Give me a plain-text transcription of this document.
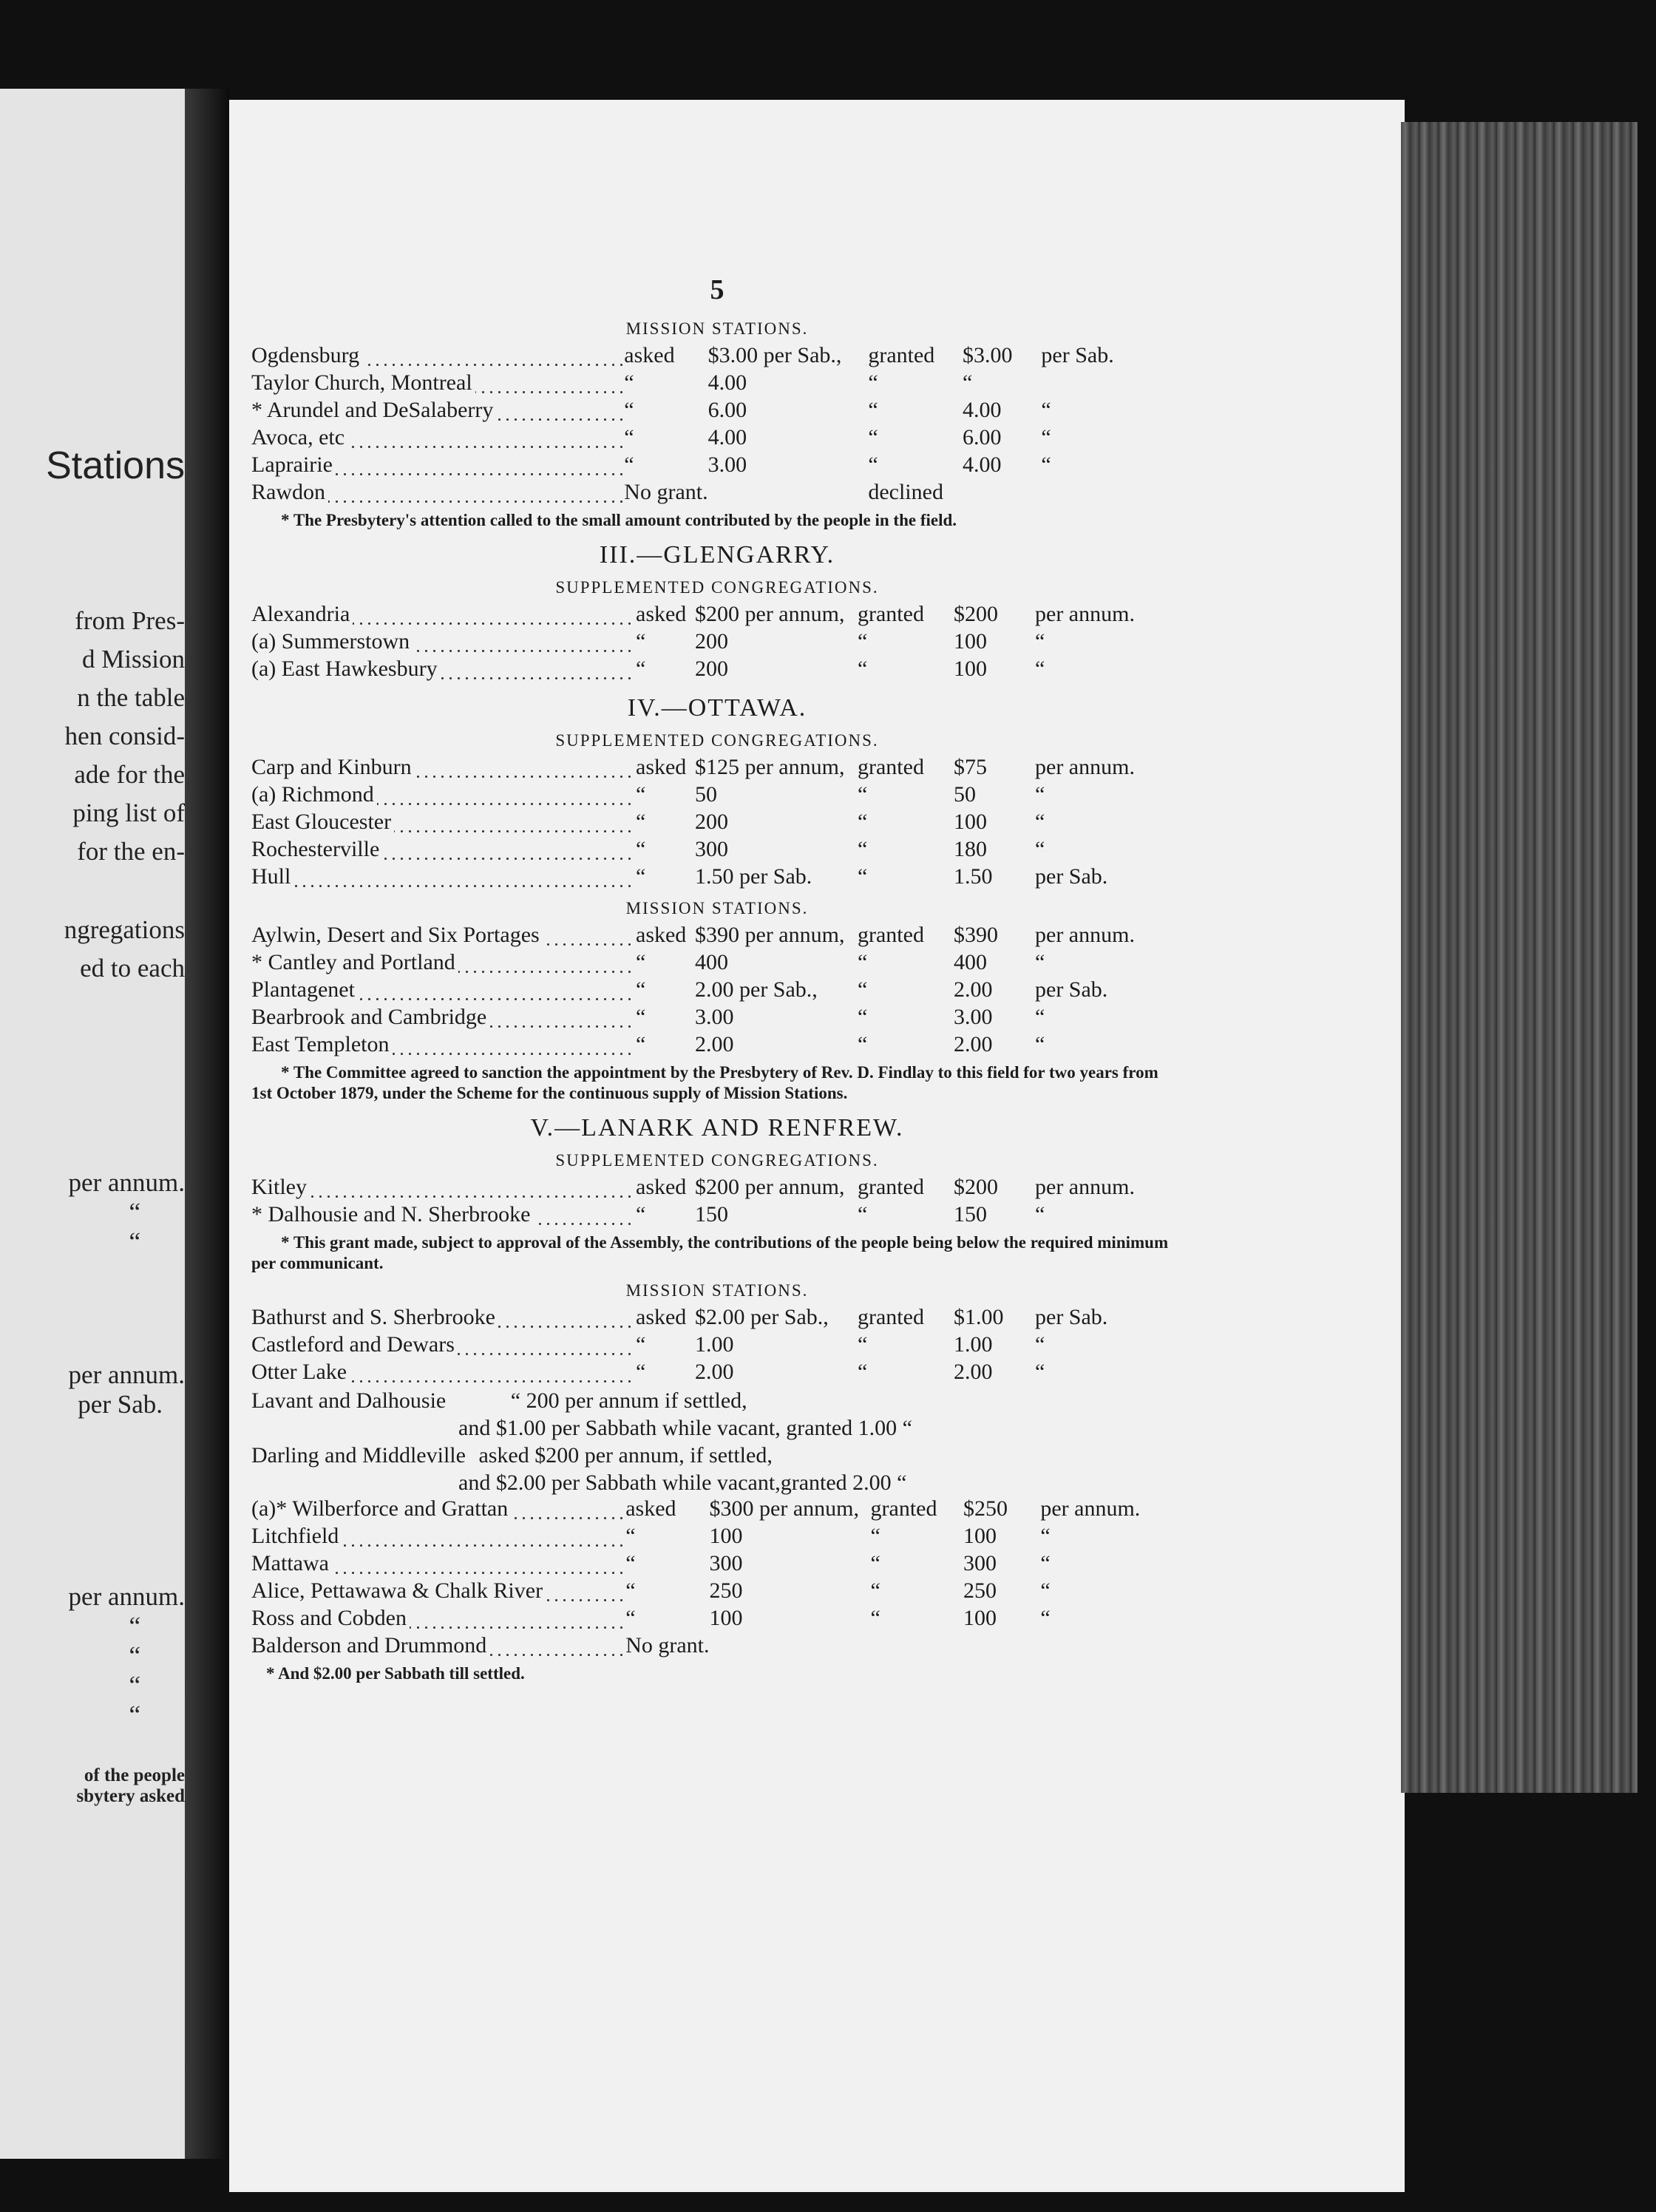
Stations
from Pres-
d Mission
n the table
hen consid-
ade for the
ping list of
for the en-
ngregations
ed to each
per annum.
“
“
per annum.
per Sab.
per annum.
“
“
“
“
of the people
sbytery asked
5
MISSION STATIONS.
Ogdensburg	asked	$3.00 per Sab.,	granted	$3.00	per Sab.
Taylor Church, Montreal	“	4.00	“	“	
* Arundel and DeSalaberry	“	6.00	“	4.00	“
Avoca, etc	“	4.00	“	6.00	“
Laprairie	“	3.00	“	4.00	“
Rawdon	No grant.		declined		
* The Presbytery's attention called to the small amount contributed by the people in the field.
III.—GLENGARRY.
SUPPLEMENTED CONGREGATIONS.
Alexandria	asked	$200 per annum,	granted	$200	per annum.
(a) Summerstown	“	200	“	100	“
(a) East Hawkesbury	“	200	“	100	“
IV.—OTTAWA.
SUPPLEMENTED CONGREGATIONS.
Carp and Kinburn	asked	$125 per annum,	granted	$75	per annum.
(a) Richmond	“	50	“	50	“
East Gloucester	“	200	“	100	“
Rochesterville	“	300	“	180	“
Hull	“	1.50 per Sab.	“	1.50	per Sab.
MISSION STATIONS.
Aylwin, Desert and Six Portages	asked	$390 per annum,	granted	$390	per annum.
* Cantley and Portland	“	400	“	400	“
Plantagenet	“	2.00 per Sab.,	“	2.00	per Sab.
Bearbrook and Cambridge	“	3.00	“	3.00	“
East Templeton	“	2.00	“	2.00	“
* The Committee agreed to sanction the appointment by the Presbytery of Rev. D. Findlay to this field for two years from 1st October 1879, under the Scheme for the continuous supply of Mission Stations.
V.—LANARK AND RENFREW.
SUPPLEMENTED CONGREGATIONS.
Kitley	asked	$200 per annum,	granted	$200	per annum.
* Dalhousie and N. Sherbrooke	“	150	“	150	“
* This grant made, subject to approval of the Assembly, the contributions of the people being below the required minimum per communicant.
MISSION STATIONS.
Bathurst and S. Sherbrooke	asked	$2.00 per Sab.,	granted	$1.00	per Sab.
Castleford and Dewars	“	1.00	“	1.00	“
Otter Lake	“	2.00	“	2.00	“
Lavant and Dalhousie	“ 200 per annum if settled,
and $1.00 per Sabbath while vacant, granted 1.00 “
Darling and Middleville asked $200 per annum, if settled,
and $2.00 per Sabbath while vacant,granted 2.00 “
(a)* Wilberforce and Grattan	asked	$300 per annum,	granted	$250	per annum.
Litchfield	“	100	“	100	“
Mattawa	“	300	“	300	“
Alice, Pettawawa & Chalk River	“	250	“	250	“
Ross and Cobden	“	100	“	100	“
Balderson and Drummond	No grant.				
* And $2.00 per Sabbath till settled.
